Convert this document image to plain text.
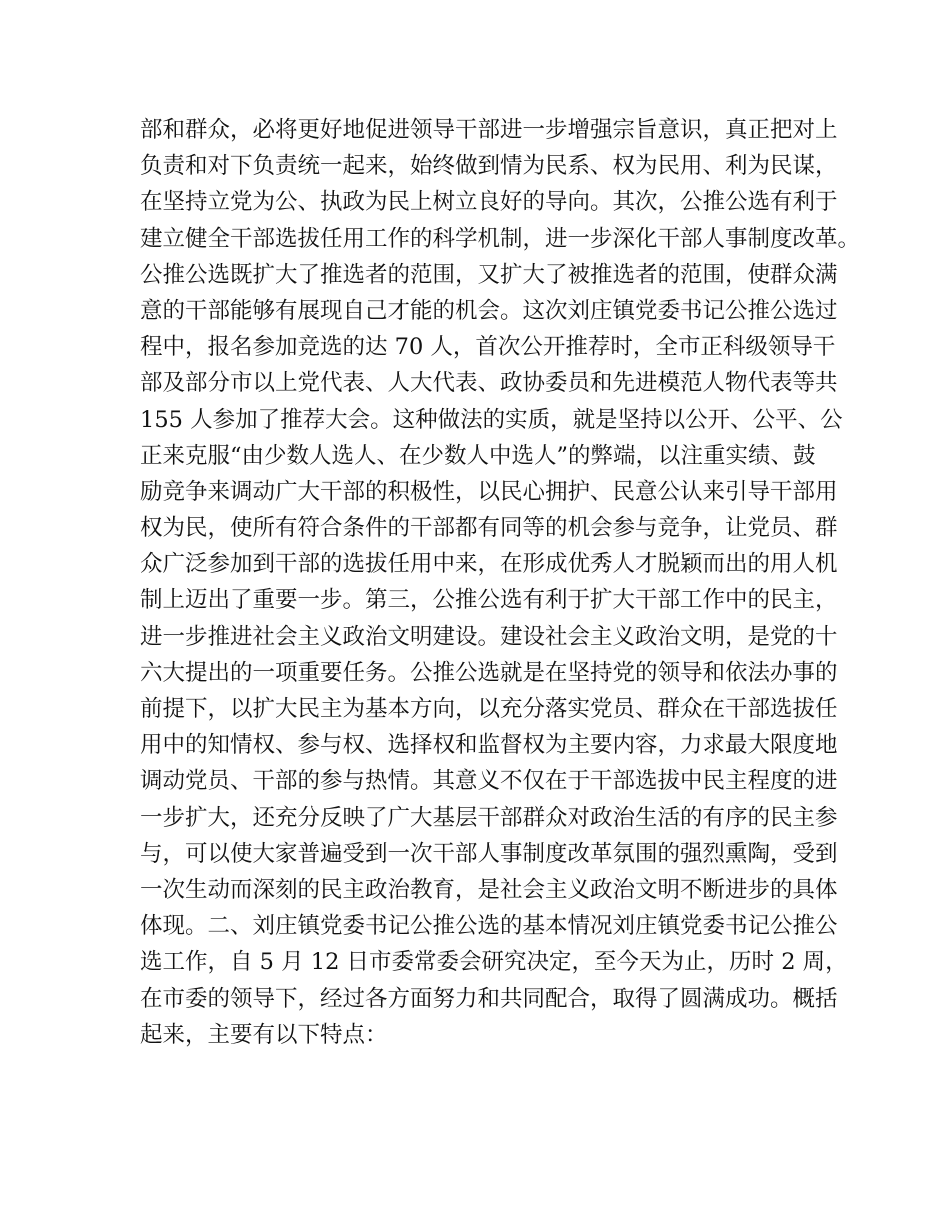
部和群众，必将更好地促进领导干部进一步增强宗旨意识，真正把对上
负责和对下负责统一起来，始终做到情为民系、权为民用、利为民谋，
在坚持立党为公、执政为民上树立良好的导向。其次，公推公选有利于
建立健全干部选拔任用工作的科学机制，进一步深化干部人事制度改革。
公推公选既扩大了推选者的范围，又扩大了被推选者的范围，使群众满
意的干部能够有展现自己才能的机会。这次刘庄镇党委书记公推公选过
程中，报名参加竞选的达 70 人，首次公开推荐时，全市正科级领导干
部及部分市以上党代表、人大代表、政协委员和先进模范人物代表等共
155 人参加了推荐大会。这种做法的实质，就是坚持以公开、公平、公
正来克服“由少数人选人、在少数人中选人”的弊端，以注重实绩、鼓
励竞争来调动广大干部的积极性，以民心拥护、民意公认来引导干部用
权为民，使所有符合条件的干部都有同等的机会参与竞争，让党员、群
众广泛参加到干部的选拔任用中来，在形成优秀人才脱颖而出的用人机
制上迈出了重要一步。第三，公推公选有利于扩大干部工作中的民主，
进一步推进社会主义政治文明建设。建设社会主义政治文明，是党的十
六大提出的一项重要任务。公推公选就是在坚持党的领导和依法办事的
前提下，以扩大民主为基本方向，以充分落实党员、群众在干部选拔任
用中的知情权、参与权、选择权和监督权为主要内容，力求最大限度地
调动党员、干部的参与热情。其意义不仅在于干部选拔中民主程度的进
一步扩大，还充分反映了广大基层干部群众对政治生活的有序的民主参
与，可以使大家普遍受到一次干部人事制度改革氛围的强烈熏陶，受到
一次生动而深刻的民主政治教育，是社会主义政治文明不断进步的具体
体现。二、刘庄镇党委书记公推公选的基本情况刘庄镇党委书记公推公
选工作，自 5 月 12 日市委常委会研究决定，至今天为止，历时 2 周，
在市委的领导下，经过各方面努力和共同配合，取得了圆满成功。概括
起来，主要有以下特点：
